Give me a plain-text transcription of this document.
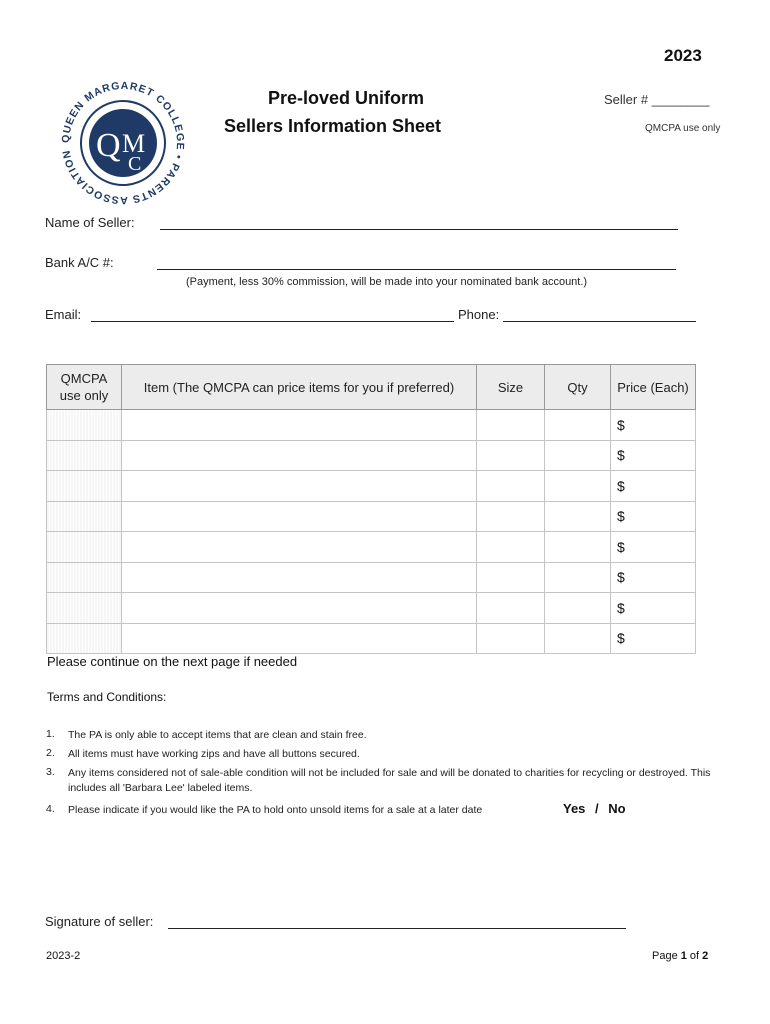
2023
Q M
C
QUEEN MARGARET COLLEGE • PARENTS ASSOCIATION
Pre-loved Uniform
Sellers Information Sheet
Seller # ________
QMCPA use only
Name of Seller:
Bank A/C #:
(Payment, less 30% commission, will be made into your nominated bank account.)
Email:	Phone:
QMCPA use only	Item (The QMCPA can price items for you if preferred)	Size	Qty	Price (Each)
				$
				$
				$
				$
				$
				$
				$
				$
Please continue on the next page if needed
Terms and Conditions:
1. The PA is only able to accept items that are clean and stain free.
2. All items must have working zips and have all buttons secured.
3. Any items considered not of sale-able condition will not be included for sale and will be donated to charities for recycling or destroyed. This includes all 'Barbara Lee' labeled items.
4. Please indicate if you would like the PA to hold onto unsold items for a sale at a later date	Yes / No
Signature of seller:
2023-2	Page 1 of 2
